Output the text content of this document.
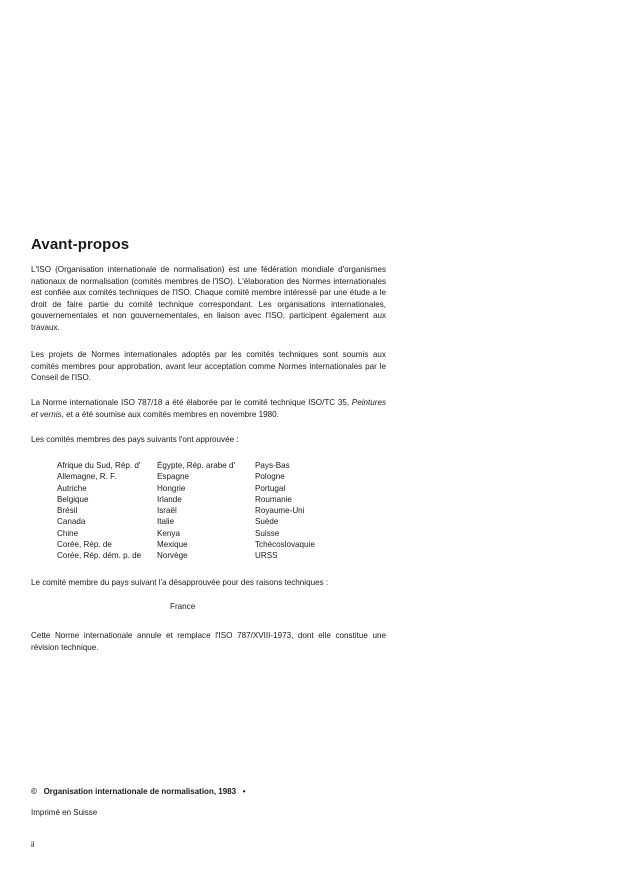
Avant-propos
L'ISO (Organisation internationale de normalisation) est une fédération mondiale d'organismes nationaux de normalisation (comités membres de l'ISO). L'élaboration des Normes internationales est confiée aux comités techniques de l'ISO. Chaque comité membre intéressé par une étude a le droit de faire partie du comité technique correspondant. Les organisations internationales, gouvernementales et non gouvernementales, en liaison avec l'ISO, participent également aux travaux.
Les projets de Normes internationales adoptés par les comités techniques sont soumis aux comités membres pour approbation, avant leur acceptation comme Normes internationales par le Conseil de l'ISO.
La Norme internationale ISO 787/18 a été élaborée par le comité technique ISO/TC 35, Peintures et vernis, et a été soumise aux comités membres en novembre 1980.
Les comités membres des pays suivants l'ont approuvée :
Afrique du Sud, Rép. d'
Allemagne, R. F.
Autriche
Belgique
Brésil
Canada
Chine
Corée, Rép. de
Corée, Rép. dém. p. de
Égypte, Rép. arabe d'
Espagne
Hongrie
Irlande
Israël
Italie
Kenya
Mexique
Norvège
Pays-Bas
Pologne
Portugal
Roumanie
Royaume-Uni
Suède
Suisse
Tchécoslovaquie
URSS
Le comité membre du pays suivant l'a désapprouvée pour des raisons techniques :
France
Cette Norme internationale annule et remplace l'ISO 787/XVIII-1973, dont elle constitue une révision technique.
© Organisation internationale de normalisation, 1983 •
Imprimé en Suisse
ii
